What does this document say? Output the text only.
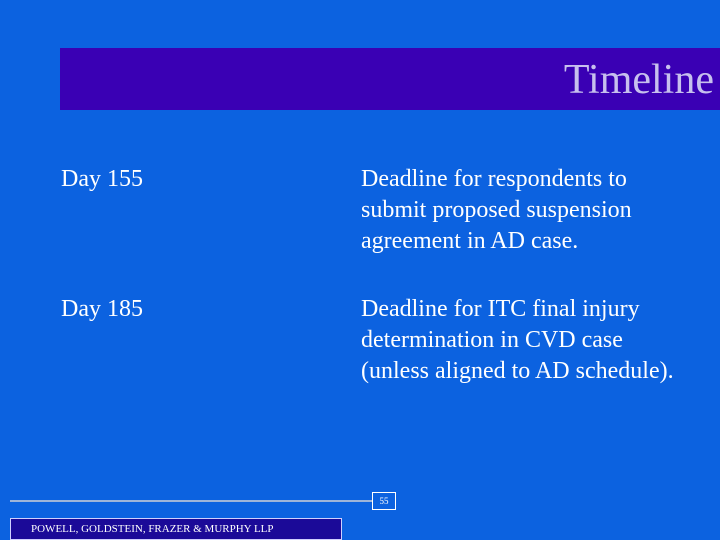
Timeline
Day 155	Deadline for respondents to submit proposed suspension agreement in AD case.
Day 185	Deadline for ITC final injury determination in CVD case (unless aligned to AD schedule).
55
POWELL, GOLDSTEIN, FRAZER & MURPHY LLP
